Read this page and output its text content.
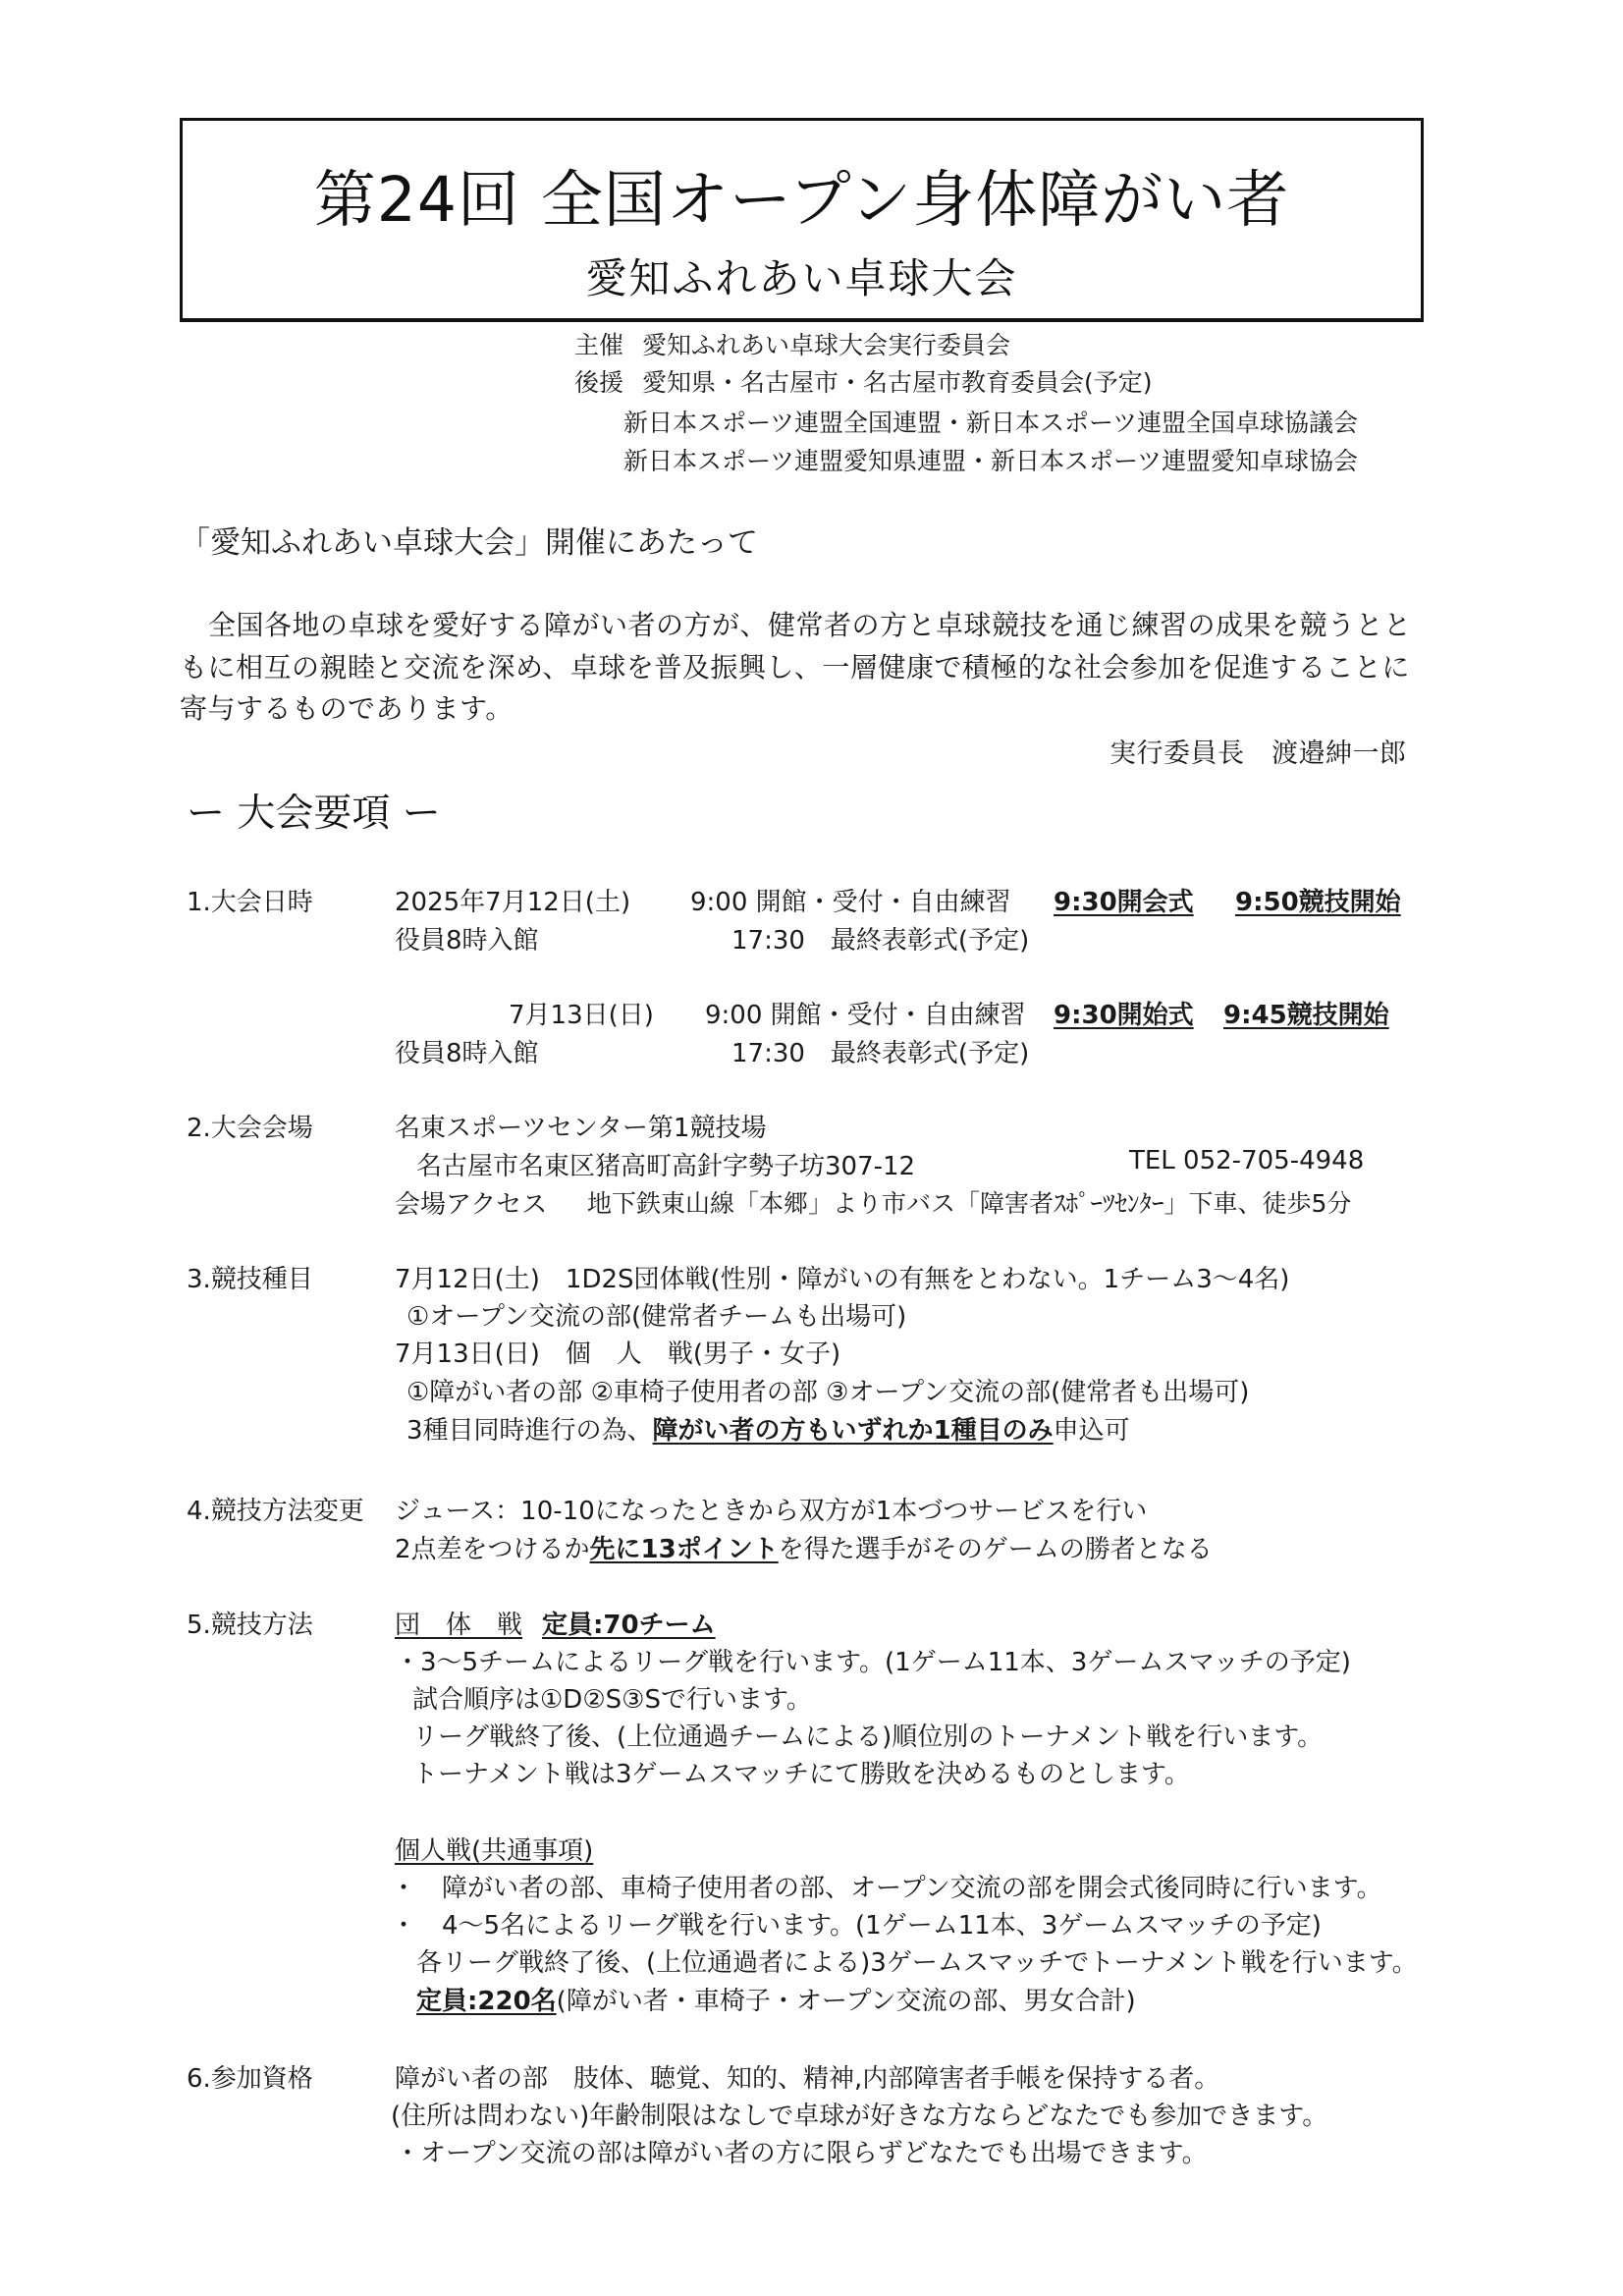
第24回 全国オープン身体障がい者
愛知ふれあい卓球大会
主催 愛知ふれあい卓球大会実行委員会
後援 愛知県・名古屋市・名古屋市教育委員会(予定)
新日本スポーツ連盟全国連盟・新日本スポーツ連盟全国卓球協議会
新日本スポーツ連盟愛知県連盟・新日本スポーツ連盟愛知卓球協会
「愛知ふれあい卓球大会」開催にあたって
全国各地の卓球を愛好する障がい者の方が、健常者の方と卓球競技を通じ練習の成果を競うとと
もに相互の親睦と交流を深め、卓球を普及振興し、一層健康で積極的な社会参加を促進することに
寄与するものであります。
実行委員長　渡邉紳一郎
ー 大会要項 ー
1.大会日時	2025年7月12日(土) 9:00 開館・受付・自由練習 9:30開会式 9:50競技開始
役員8時入館	17:30　最終表彰式(予定)
7月13日(日) 9:00 開館・受付・自由練習 9:30開始式 9:45競技開始
役員8時入館	17:30　最終表彰式(予定)
2.大会会場	名東スポーツセンター第1競技場
名古屋市名東区猪高町高針字勢子坊307-12	TEL 052-705-4948
会場アクセス 地下鉄東山線「本郷」より市バス「障害者ｽﾎﾟｰﾂｾﾝﾀｰ」下車、徒歩5分
3.競技種目	7月12日(土)　1D2S団体戦(性別・障がいの有無をとわない。1チーム3～4名)
①オープン交流の部(健常者チームも出場可)
7月13日(日)　個　人　戦(男子・女子)
①障がい者の部 ②車椅子使用者の部 ③オープン交流の部(健常者も出場可)
3種目同時進行の為、障がい者の方もいずれか1種目のみ申込可
4.競技方法変更 ジュース：10-10になったときから双方が1本づつサービスを行い
2点差をつけるか先に13ポイントを得た選手がそのゲームの勝者となる
5.競技方法	団　体　戦 定員:70チーム
・3～5チームによるリーグ戦を行います。(1ゲーム11本、3ゲームスマッチの予定)
試合順序は①D②S③Sで行います。
リーグ戦終了後、(上位通過チームによる)順位別のトーナメント戦を行います。
トーナメント戦は3ゲームスマッチにて勝敗を決めるものとします。
個人戦(共通事項)
・　障がい者の部、車椅子使用者の部、オープン交流の部を開会式後同時に行います。
・　4～5名によるリーグ戦を行います。(1ゲーム11本、3ゲームスマッチの予定)
各リーグ戦終了後、(上位通過者による)3ゲームスマッチでトーナメント戦を行います。
定員:220名(障がい者・車椅子・オープン交流の部、男女合計)
6.参加資格	障がい者の部　肢体、聴覚、知的、精神,内部障害者手帳を保持する者。
(住所は問わない)年齢制限はなしで卓球が好きな方ならどなたでも参加できます。
・オープン交流の部は障がい者の方に限らずどなたでも出場できます。
